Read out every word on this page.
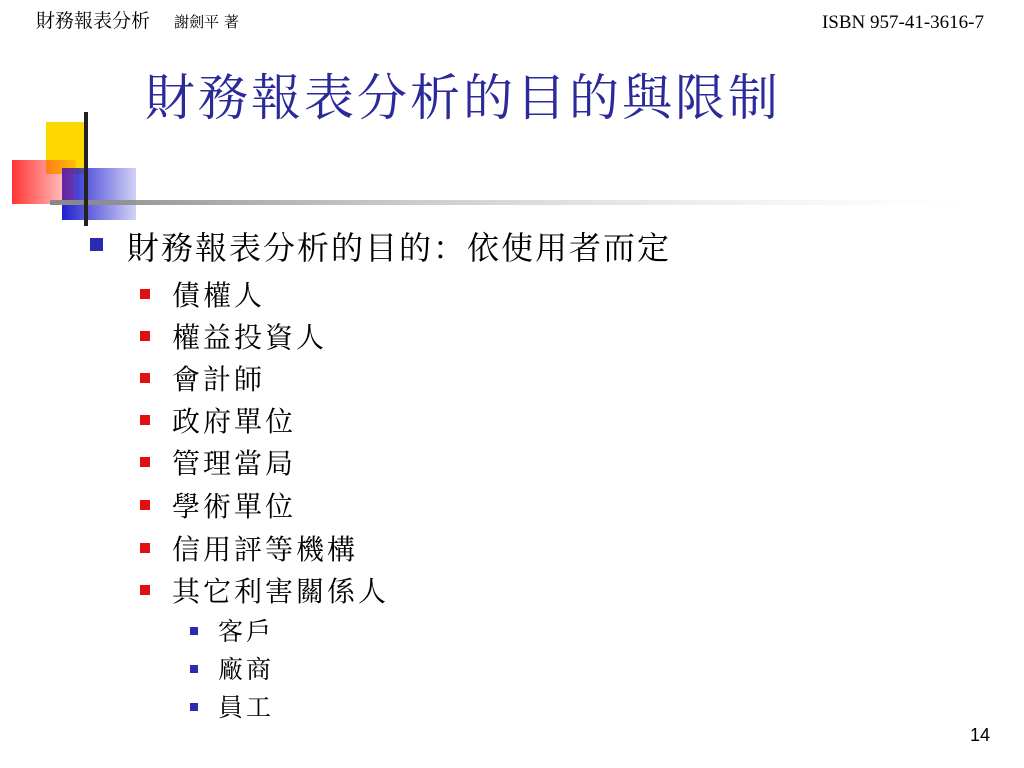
財務報表分析 謝劍平 著	ISBN 957-41-3616-7
財務報表分析的目的與限制
財務報表分析的目的：依使用者而定
債權人
權益投資人
會計師
政府單位
管理當局
學術單位
信用評等機構
其它利害關係人
客戶
廠商
員工
14
